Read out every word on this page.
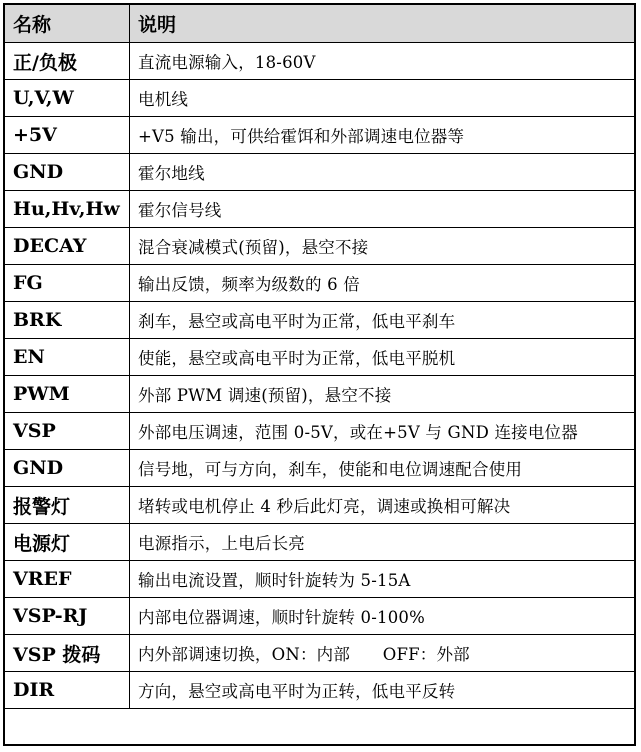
名称	说明
正/负极	直流电源输入，18-60V
U,V,W	电机线
+5V	+V5 输出，可供给霍饵和外部调速电位器等
GND	霍尔地线
Hu,Hv,Hw	霍尔信号线
DECAY	混合衰减模式(预留)，悬空不接
FG	输出反馈，频率为级数的 6 倍
BRK	刹车，悬空或高电平时为正常，低电平刹车
EN	使能，悬空或高电平时为正常，低电平脱机
PWM	外部 PWM 调速(预留)，悬空不接
VSP	外部电压调速，范围 0-5V，或在+5V 与 GND 连接电位器
GND	信号地，可与方向，刹车，使能和电位调速配合使用
报警灯	堵转或电机停止 4 秒后此灯亮，调速或换相可解决
电源灯	电源指示，上电后长亮
VREF	输出电流设置，顺时针旋转为 5-15A
VSP-RJ	内部电位器调速，顺时针旋转 0-100%
VSP 拨码	内外部调速切换，ON：内部      OFF：外部
DIR	方向，悬空或高电平时为正转，低电平反转
